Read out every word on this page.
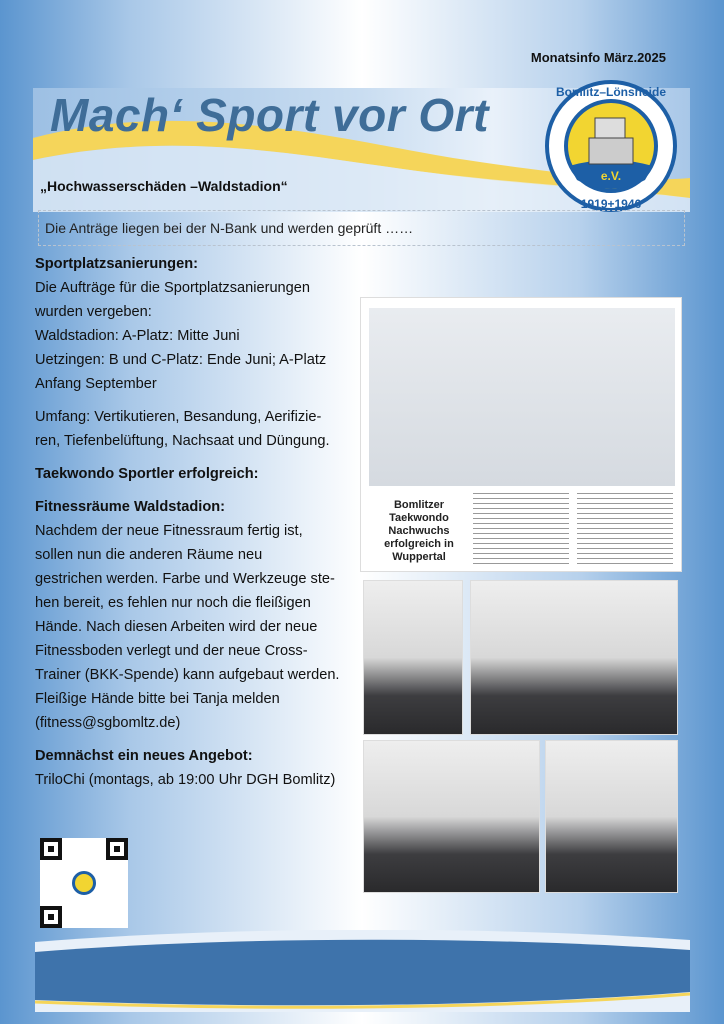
Monatsinfo März.2025
Mach‘ Sport vor Ort
e.V.
Bomlitz–Lönsheide
1919+1946
„Hochwasserschäden –Waldstadion“
Die Anträge liegen bei der N-Bank und werden geprüft ……

Sportplatzsanierungen:
Die Aufträge für die Sportplatzsanierungen
wurden vergeben:
Waldstadion: A-Platz: Mitte Juni
Uetzingen: B und C-Platz: Ende Juni; A-Platz
Anfang September

Umfang: Vertikutieren, Besandung, Aerifizie-
ren, Tiefenbelüftung, Nachsaat und Düngung.

Taekwondo Sportler erfolgreich:

Fitnessräume Waldstadion:
Nachdem der neue Fitnessraum fertig ist,
sollen nun die anderen Räume neu
gestrichen werden. Farbe und Werkzeuge ste-
hen bereit, es fehlen nur noch die fleißigen
Hände. Nach diesen Arbeiten wird der neue
Fitnessboden verlegt und der neue Cross-
Trainer (BKK-Spende) kann aufgebaut werden.
Fleißige Hände bitte bei Tanja melden
(fitness@sgbomltz.de)

Demnächst ein neues Angebot:
TriloChi (montags, ab 19:00 Uhr DGH Bomlitz)

Bomlitzer Taekwondo Nachwuchs erfolgreich in Wuppertal
